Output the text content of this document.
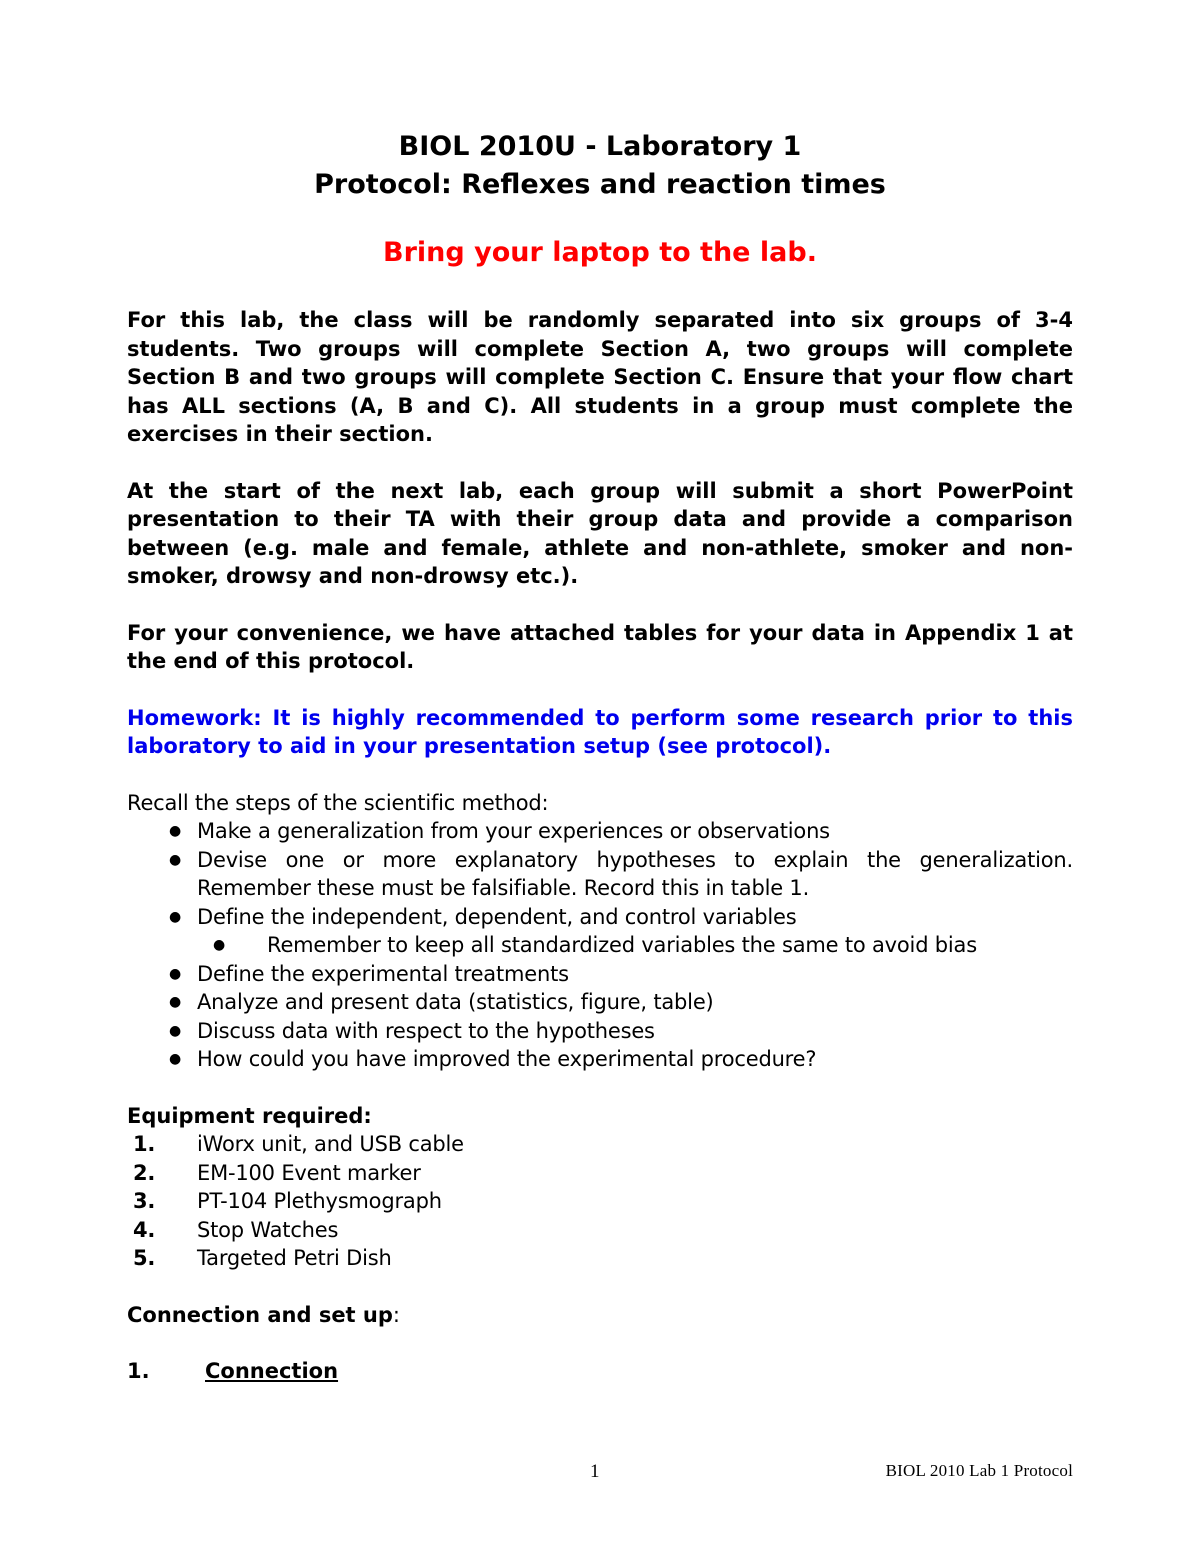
BIOL 2010U - Laboratory 1
Protocol: Reflexes and reaction times

Bring your laptop to the lab.

For this lab, the class will be randomly separated into six groups of 3-4 students. Two groups will complete Section A, two groups will complete Section B and two groups will complete Section C. Ensure that your flow chart has ALL sections (A, B and C). All students in a group must complete the exercises in their section.

At the start of the next lab, each group will submit a short PowerPoint presentation to their TA with their group data and provide a comparison between (e.g. male and female, athlete and non-athlete, smoker and non-smoker, drowsy and non-drowsy etc.).

For your convenience, we have attached tables for your data in Appendix 1 at the end of this protocol.

Homework: It is highly recommended to perform some research prior to this laboratory to aid in your presentation setup (see protocol).

Recall the steps of the scientific method:

● Make a generalization from your experiences or observations
● Devise one or more explanatory hypotheses to explain the generalization. Remember these must be falsifiable. Record this in table 1.
● Define the independent, dependent, and control variables
● Remember to keep all standardized variables the same to avoid bias
● Define the experimental treatments
● Analyze and present data (statistics, figure, table)
● Discuss data with respect to the hypotheses
● How could you have improved the experimental procedure?

Equipment required:

1. iWorx unit, and USB cable
2. EM-100 Event marker
3. PT-104 Plethysmograph
4. Stop Watches
5. Targeted Petri Dish

Connection and set up:

1.	Connection

1	BIOL 2010 Lab 1 Protocol
